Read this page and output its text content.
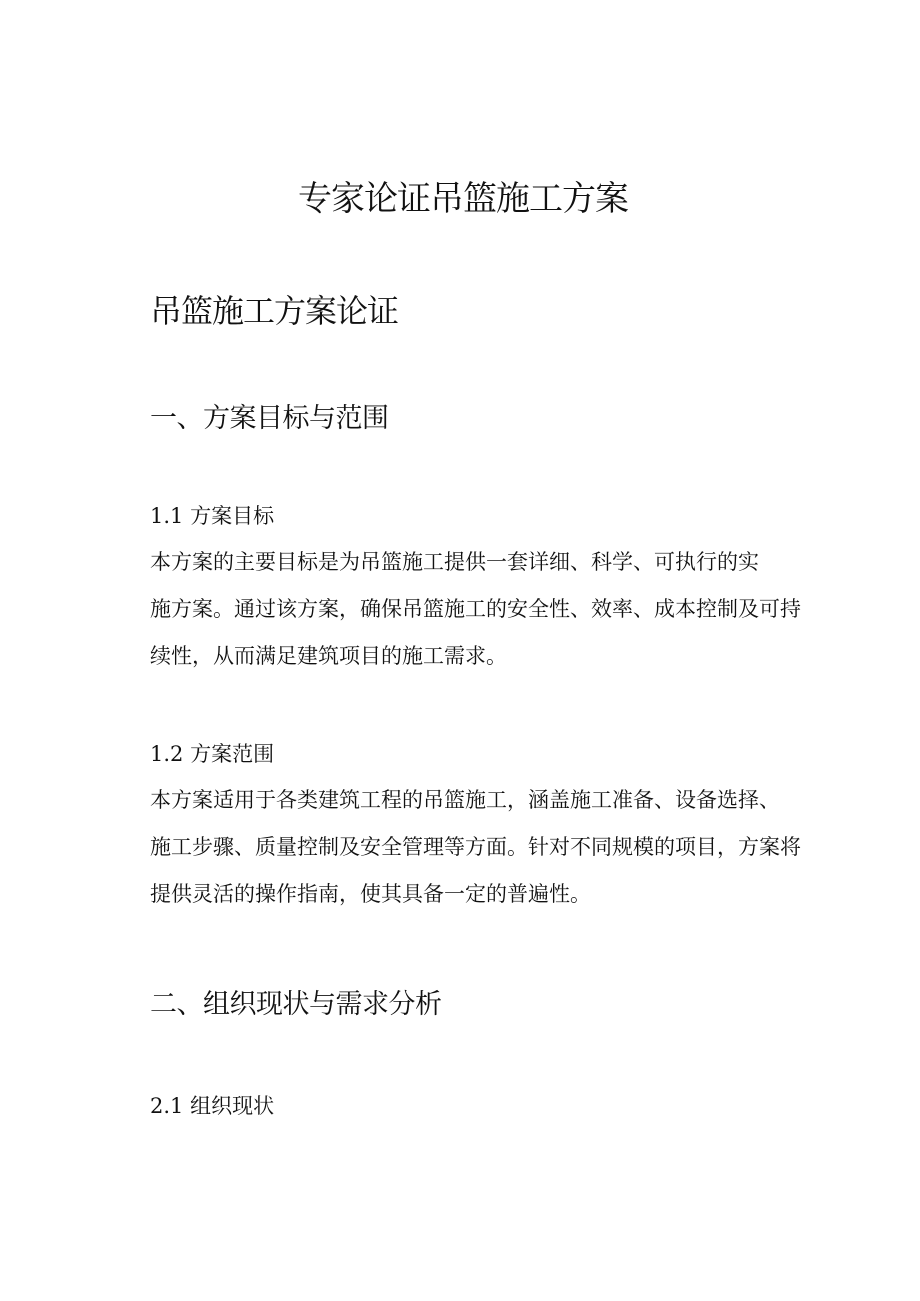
专家论证吊篮施工方案
吊篮施工方案论证
一、方案目标与范围
1.1 方案目标
本方案的主要目标是为吊篮施工提供一套详细、科学、可执行的实
施方案。通过该方案，确保吊篮施工的安全性、效率、成本控制及可持
续性，从而满足建筑项目的施工需求。
1.2 方案范围
本方案适用于各类建筑工程的吊篮施工，涵盖施工准备、设备选择、
施工步骤、质量控制及安全管理等方面。针对不同规模的项目，方案将
提供灵活的操作指南，使其具备一定的普遍性。
二、组织现状与需求分析
2.1 组织现状
